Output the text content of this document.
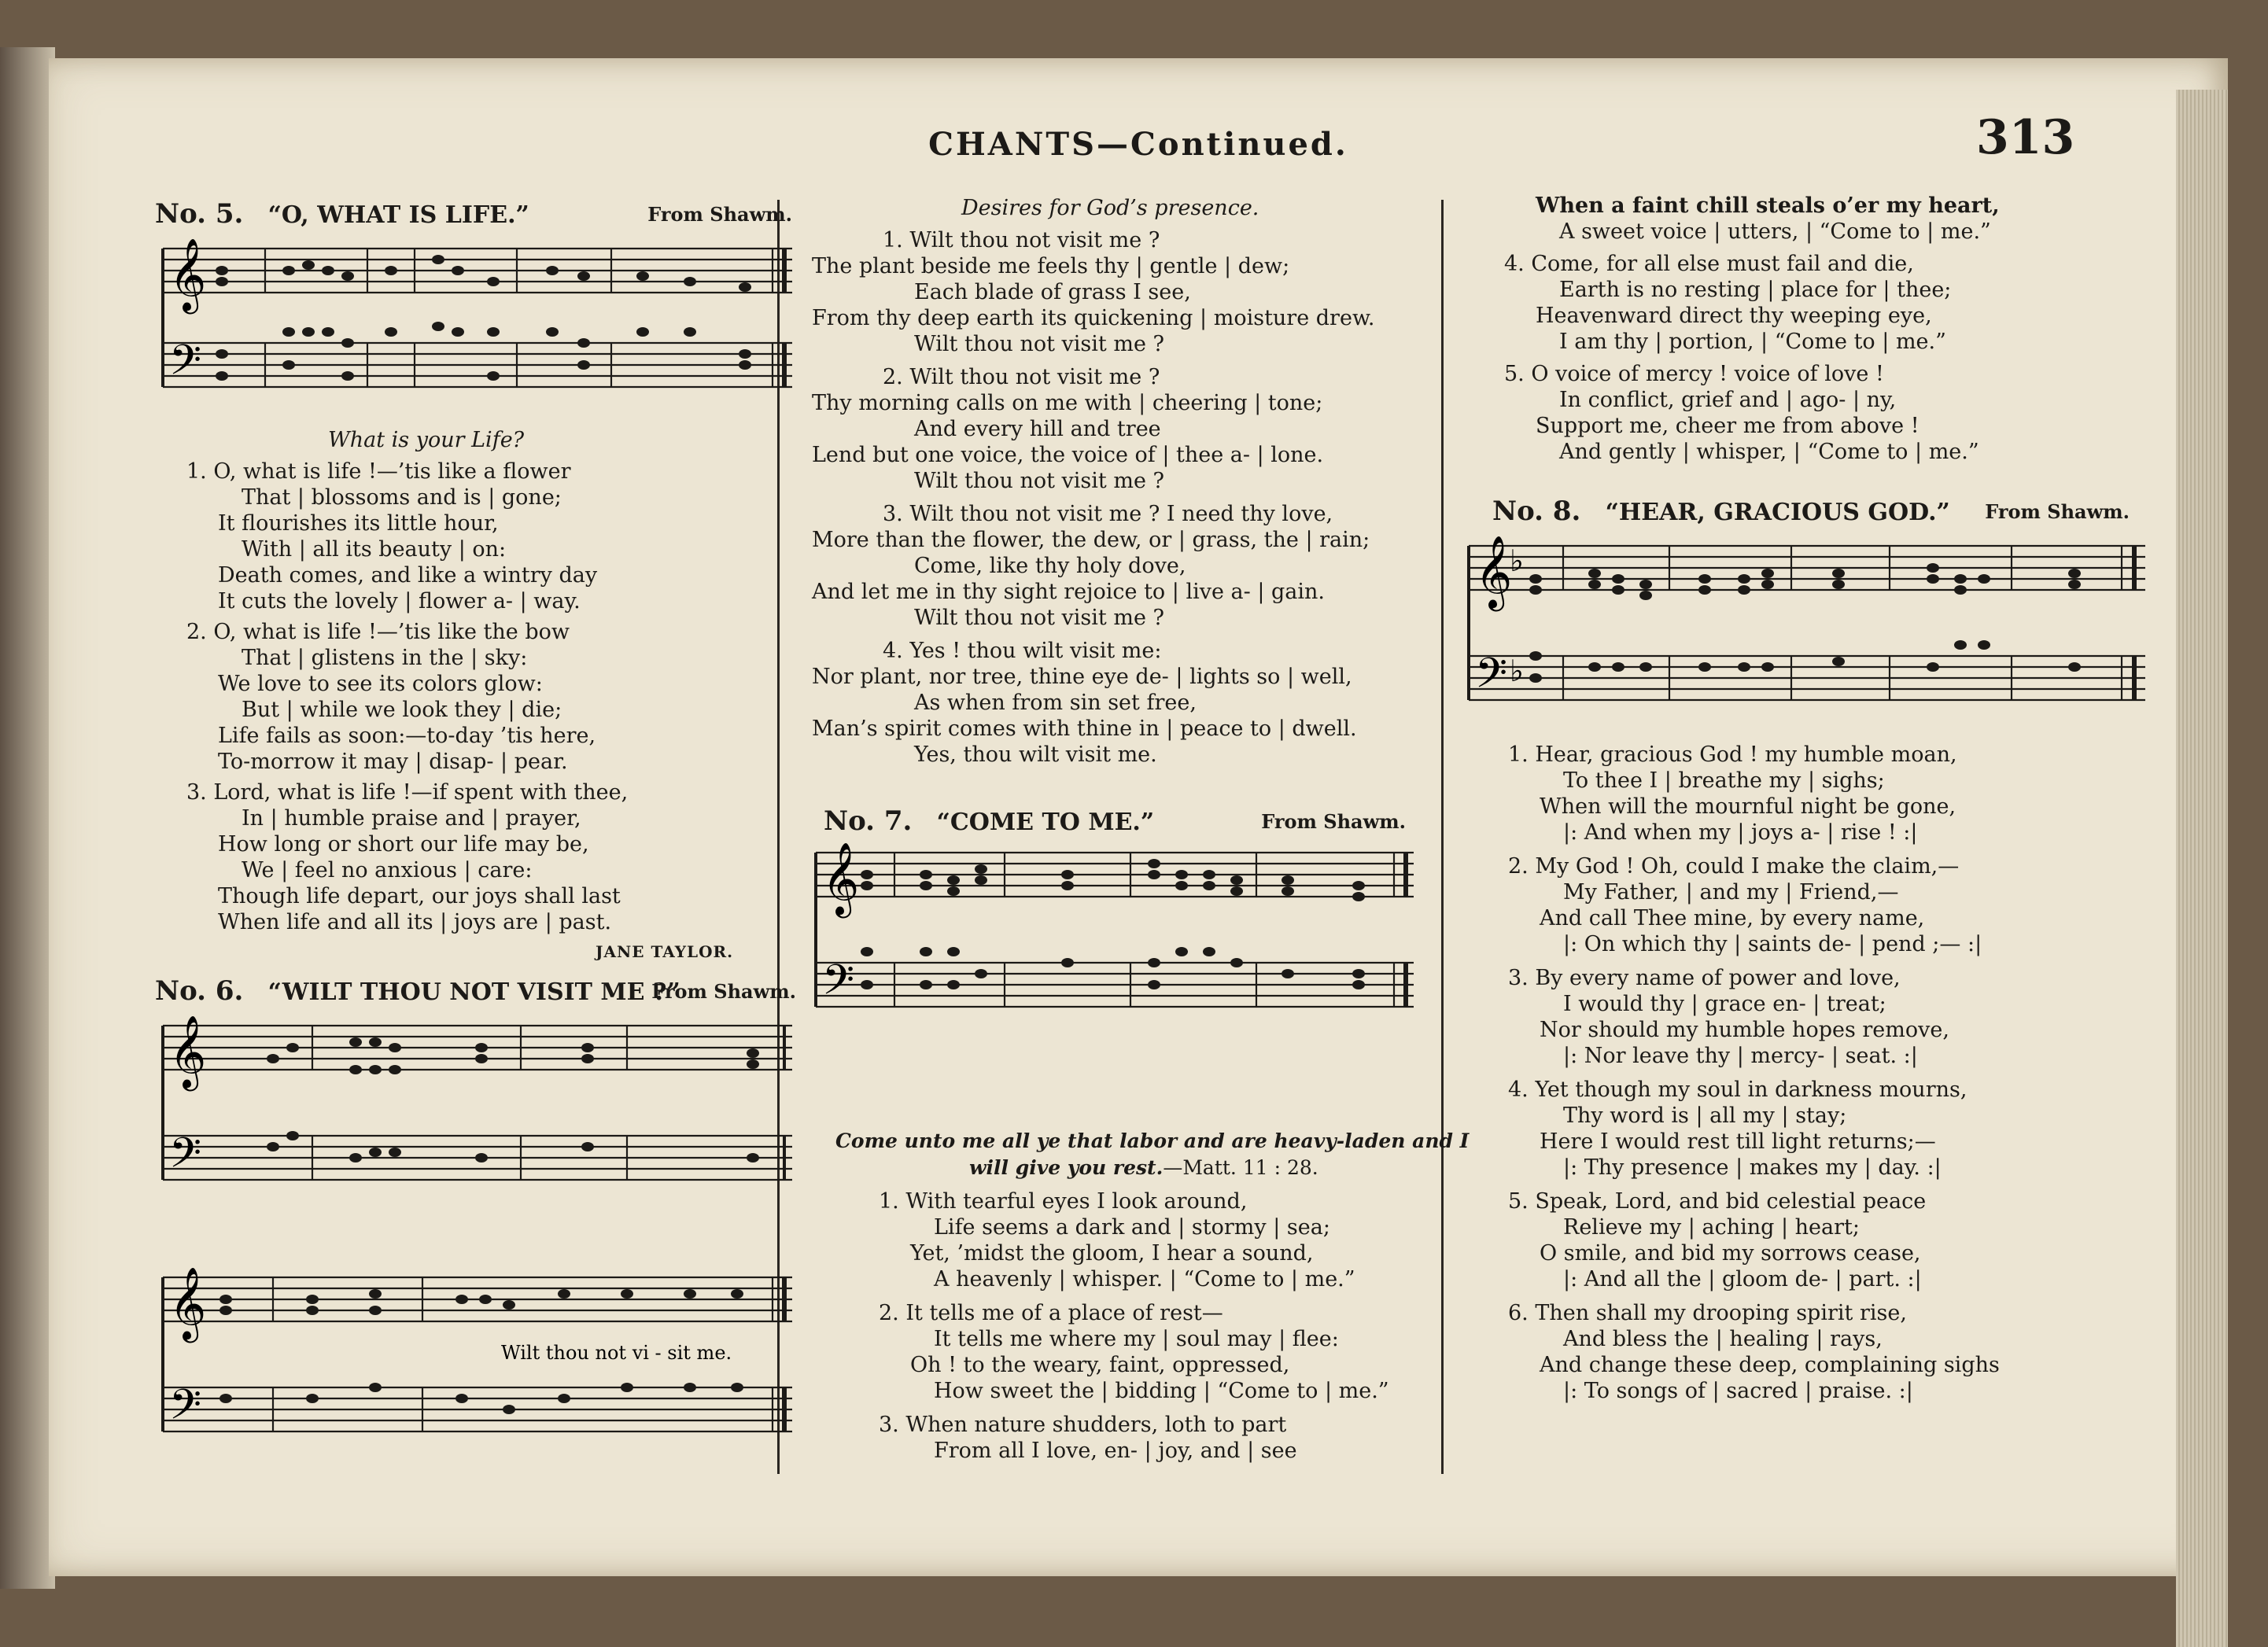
CHANTS—Continued.	313
No. 5. “O, WHAT IS LIFE.”	From Shawm.
𝄞
𝄢
What is your Life?
1. O, what is life !—’tis like a flower
That | blossoms and is | gone;
It flourishes its little hour,
With | all its beauty | on:
Death comes, and like a wintry day
It cuts the lovely | flower a- | way.
2. O, what is life !—’tis like the bow
That | glistens in the | sky:
We love to see its colors glow:
But | while we look they | die;
Life fails as soon:—to-day ’tis here,
To-morrow it may | disap- | pear.
3. Lord, what is life !—if spent with thee,
In | humble praise and | prayer,
How long or short our life may be,
We | feel no anxious | care:
Though life depart, our joys shall last
When life and all its | joys are | past.
JANE TAYLOR.
No. 6. “WILT THOU NOT VISIT ME ?”
From Shawm.
𝄞
𝄢
𝄞
𝄢
Wilt thou not vi - sit me.
Desires for God’s presence.
1. Wilt thou not visit me ?
The plant beside me feels thy | gentle | dew;
Each blade of grass I see,
From thy deep earth its quickening | moisture drew.
Wilt thou not visit me ?
2. Wilt thou not visit me ?
Thy morning calls on me with | cheering | tone;
And every hill and tree
Lend but one voice, the voice of | thee a- | lone.
Wilt thou not visit me ?
3. Wilt thou not visit me ? I need thy love,
More than the flower, the dew, or | grass, the | rain;
Come, like thy holy dove,
And let me in thy sight rejoice to | live a- | gain.
Wilt thou not visit me ?
4. Yes ! thou wilt visit me:
Nor plant, nor tree, thine eye de- | lights so | well,
As when from sin set free,
Man’s spirit comes with thine in | peace to | dwell.
Yes, thou wilt visit me.
No. 7. “COME TO ME.”	From Shawm.
𝄞
𝄢
Come unto me all ye that labor and are heavy-laden and I
will give you rest.—Matt. 11 : 28.
1. With tearful eyes I look around,
Life seems a dark and | stormy | sea;
Yet, ’midst the gloom, I hear a sound,
A heavenly | whisper. | “Come to | me.”
2. It tells me of a place of rest—
It tells me where my | soul may | flee:
Oh ! to the weary, faint, oppressed,
How sweet the | bidding | “Come to | me.”
3. When nature shudders, loth to part
From all I love, en- | joy, and | see
When a faint chill steals o’er my heart,
A sweet voice | utters, | “Come to | me.”
4. Come, for all else must fail and die,
Earth is no resting | place for | thee;
Heavenward direct thy weeping eye,
I am thy | portion, | “Come to | me.”
5. O voice of mercy ! voice of love !
In conflict, grief and | ago- | ny,
Support me, cheer me from above !
And gently | whisper, | “Come to | me.”
No. 8. “HEAR, GRACIOUS GOD.” From Shawm.
𝄞
𝄢
♭
♭
1. Hear, gracious God ! my humble moan,
To thee I | breathe my | sighs;
When will the mournful night be gone,
|: And when my | joys a- | rise ! :|
2. My God ! Oh, could I make the claim,—
My Father, | and my | Friend,—
And call Thee mine, by every name,
|: On which thy | saints de- | pend ;— :|
3. By every name of power and love,
I would thy | grace en- | treat;
Nor should my humble hopes remove,
|: Nor leave thy | mercy- | seat. :|
4. Yet though my soul in darkness mourns,
Thy word is | all my | stay;
Here I would rest till light returns;—
|: Thy presence | makes my | day. :|
5. Speak, Lord, and bid celestial peace
Relieve my | aching | heart;
O smile, and bid my sorrows cease,
|: And all the | gloom de- | part. :|
6. Then shall my drooping spirit rise,
And bless the | healing | rays,
And change these deep, complaining sighs
|: To songs of | sacred | praise. :|
